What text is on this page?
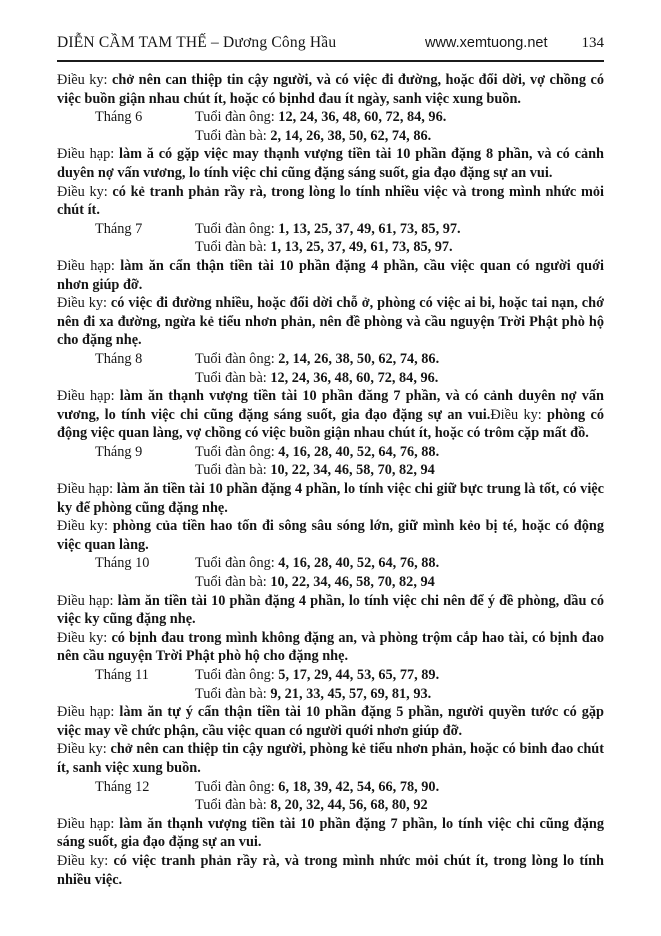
DIỄN CẦM TAM THẾ – Dương Công Hầu	www.xemtuong.net 134
Điều ky: chở nên can thiệp tin cậy người, và có việc đi đường, hoặc đổi dời, vợ chồng có việc buồn giận nhau chút ít, hoặc có bịnhd đau ít ngày, sanh việc xung buồn.
Tháng 6	Tuổi đàn ông: 12, 24, 36, 48, 60, 72, 84, 96.
Tuổi đàn bà: 2, 14, 26, 38, 50, 62, 74, 86.
Điều hạp: làm ă có gặp việc may thạnh vượng tiền tài 10 phần đặng 8 phần, và có cảnh duyên nợ vấn vương, lo tính việc chi cũng đặng sáng suốt, gia đạo đặng sự an vui.
Điều ky: có kẻ tranh phản rầy rà, trong lòng lo tính nhiều việc và trong mình nhức mỏi chút ít.
Tháng 7	Tuổi đàn ông: 1, 13, 25, 37, 49, 61, 73, 85, 97.
Tuổi đàn bà: 1, 13, 25, 37, 49, 61, 73, 85, 97.
Điều hạp: làm ăn cẩn thận tiền tài 10 phần đặng 4 phần, cầu việc quan có người quới nhơn giúp đỡ.
Điều ky: có việc đi đường nhiều, hoặc đổi dời chỗ ở, phòng có việc ai bi, hoặc tai nạn, chớ nên đi xa đường, ngừa kẻ tiểu nhơn phản, nên đề phòng và cầu nguyện Trời Phật phò hộ cho đặng nhẹ.
Tháng 8	Tuổi đàn ông: 2, 14, 26, 38, 50, 62, 74, 86.
Tuổi đàn bà: 12, 24, 36, 48, 60, 72, 84, 96.
Điều hạp: làm ăn thạnh vượng tiền tài 10 phần đăng 7 phần, và có cảnh duyên nợ vấn vương, lo tính việc chi cũng đặng sáng suốt, gia đạo đặng sự an vui.Điều ky: phòng có động việc quan làng, vợ chồng có việc buồn giận nhau chút ít, hoặc có trôm cặp mất đồ.
Tháng 9	Tuổi đàn ông: 4, 16, 28, 40, 52, 64, 76, 88.
Tuổi đàn bà: 10, 22, 34, 46, 58, 70, 82, 94
Điều hạp: làm ăn tiền tài 10 phần đặng 4 phần, lo tính việc chi giữ bực trung là tốt, có việc ky để phòng cũng đặng nhẹ.
Điều ky: phòng của tiền hao tốn đi sông sâu sóng lớn, giữ mình kẻo bị té, hoặc có động việc quan làng.
Tháng 10	Tuổi đàn ông: 4, 16, 28, 40, 52, 64, 76, 88.
Tuổi đàn bà: 10, 22, 34, 46, 58, 70, 82, 94
Điều hạp: làm ăn tiền tài 10 phần đặng 4 phần, lo tính việc chi nên để ý đề phòng, dầu có việc ky cũng đặng nhẹ.
Điều ky: có bịnh đau trong mình không đặng an, và phòng trộm cắp hao tài, có bịnh đao nên cầu nguyện Trời Phật phò hộ cho đặng nhẹ.
Tháng 11	Tuổi đàn ông: 5, 17, 29, 44, 53, 65, 77, 89.
Tuổi đàn bà: 9, 21, 33, 45, 57, 69, 81, 93.
Điều hạp: làm ăn tự ý cẩn thận tiền tài 10 phần đặng 5 phần, người quyền tước có gặp việc may về chức phận, cầu việc quan có người quới nhơn giúp đỡ.
Điều ky: chở nên can thiệp tin cậy người, phòng kẻ tiểu nhơn phản, hoặc có binh đao chút ít, sanh việc xung buồn.
Tháng 12	Tuổi đàn ông: 6, 18, 39, 42, 54, 66, 78, 90.
Tuổi đàn bà: 8, 20, 32, 44, 56, 68, 80, 92
Điều hạp: làm ăn thạnh vượng tiền tài 10 phần đặng 7 phần, lo tính việc chi cũng đặng sáng suốt, gia đạo đặng sự an vui.
Điều ky: có việc tranh phản rầy rà, và trong mình nhức mỏi chút ít, trong lòng lo tính nhiều việc.
